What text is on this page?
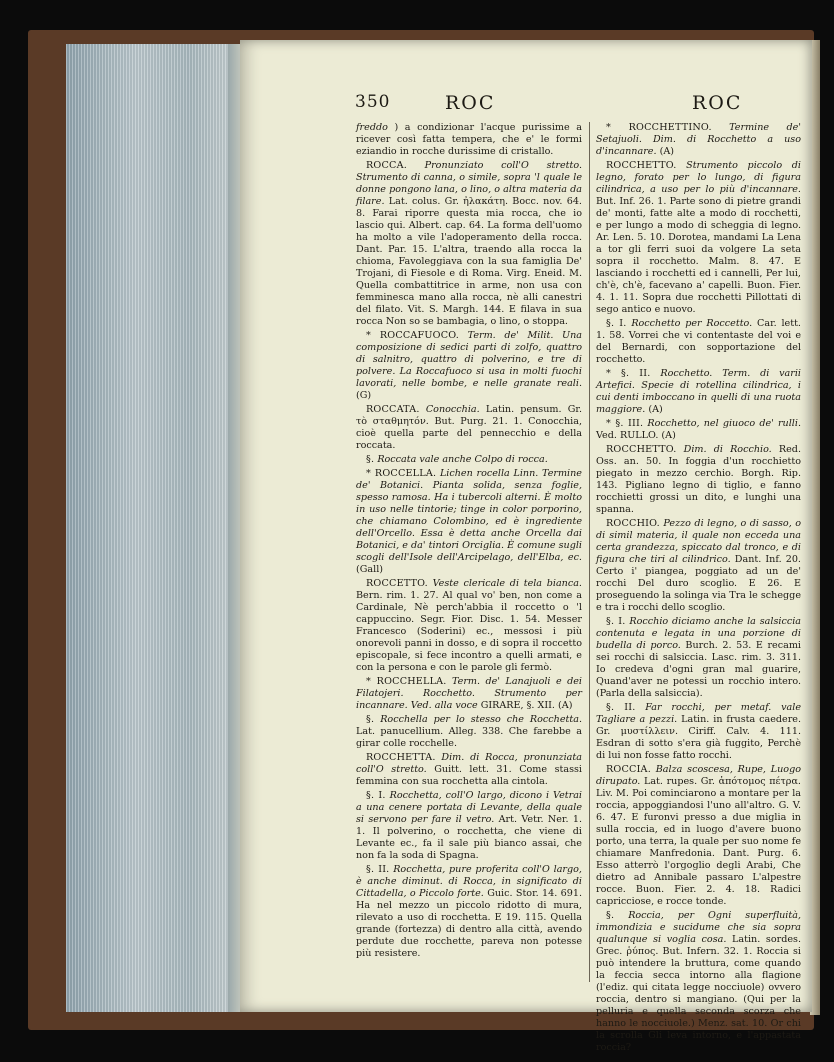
350	ROC	ROC

freddo ) a condizionar l'acque purissime a ricever così fatta tempera, che e' le formi eziandio in rocche durissime di cristallo.

ROCCA. Pronunziato coll'O stretto. Strumento di canna, o simile, sopra 'l quale le donne pongono lana, o lino, o altra materia da filare. Lat. colus. Gr. ἠλακάτη. Bocc. nov. 64. 8. Farai riporre questa mia rocca, che io lascio qui. Albert. cap. 64. La forma dell'uomo ha molto a vile l'adoperamento della rocca. Dant. Par. 15. L'altra, traendo alla rocca la chioma, Favoleggiava con la sua famiglia De' Trojani, di Fiesole e di Roma. Virg. Eneid. M. Quella combattitrice in arme, non usa con femminesca mano alla rocca, nè alli canestri del filato. Vit. S. Margh. 144. E filava in sua rocca Non so se bambagia, o lino, o stoppa.

* ROCCAFUOCO. Term. de' Milit. Una composizione di sedici parti di zolfo, quattro di salnitro, quattro di polverino, e tre di polvere. La Roccafuoco si usa in molti fuochi lavorati, nelle bombe, e nelle granate reali. (G)

ROCCATA. Conocchia. Latin. pensum. Gr. τὸ σταθμητόν. But. Purg. 21. 1. Conocchia, cioè quella parte del pennecchio e della roccata.

§. Roccata vale anche Colpo di rocca.

* ROCCELLA. Lichen rocella Linn. Termine de' Botanici. Pianta solida, senza foglie, spesso ramosa. Ha i tubercoli alterni. È molto in uso nelle tintorie; tinge in color porporino, che chiamano Colombino, ed è ingrediente dell'Orcello. Essa è detta anche Orcella dai Botanici, e da' tintori Orciglia. È comune sugli scogli dell'Isole dell'Arcipelago, dell'Elba, ec. (Gall)

ROCCETTO. Veste clericale di tela bianca. Bern. rim. 1. 27. Al qual vo' ben, non come a Cardinale, Nè perch'abbia il roccetto o 'l cappuccino. Segr. Fior. Disc. 1. 54. Messer Francesco (Soderini) ec., messosi i più onorevoli panni in dosso, e di sopra il roccetto episcopale, si fece incontro a quelli armati, e con la persona e con le parole gli fermò.

* ROCCHELLA. Term. de' Lanajuoli e dei Filatojeri. Rocchetto. Strumento per incannare. Ved. alla voce GIRARE, §. XII. (A)

§. Rocchella per lo stesso che Rocchetta. Lat. panucellium. Alleg. 338. Che farebbe a girar colle rocchelle.

ROCCHETTA. Dim. di Rocca, pronunziata coll'O stretto. Guitt. lett. 31. Come stassi femmina con sua rocchetta alla cintola.

§. I. Rocchetta, coll'O largo, dicono i Vetrai a una cenere portata di Levante, della quale si servono per fare il vetro. Art. Vetr. Ner. 1. 1. Il polverino, o rocchetta, che viene di Levante ec., fa il sale più bianco assai, che non fa la soda di Spagna.

§. II. Rocchetta, pure proferita coll'O largo, è anche diminut. di Rocca, in significato di Cittadella, o Piccolo forte. Guic. Stor. 14. 691. Ha nel mezzo un piccolo ridotto di mura, rilevato a uso di rocchetta. E 19. 115. Quella grande (fortezza) di dentro alla città, avendo perdute due rocchette, pareva non potesse più resistere.

* ROCCHETTINO. Termine de' Setajuoli. Dim. di Rocchetto a uso d'incannare. (A)

ROCCHETTO. Strumento piccolo di legno, forato per lo lungo, di figura cilindrica, a uso per lo più d'incannare. But. Inf. 26. 1. Parte sono di pietre grandi de' monti, fatte alte a modo di rocchetti, e per lungo a modo di scheggia di legno. Ar. Len. 5. 10. Dorotea, mandami La Lena a tor gli ferri suoi da volgere La seta sopra il rocchetto. Malm. 8. 47. E lasciando i rocchetti ed i cannelli, Per lui, ch'è, ch'è, facevano a' capelli. Buon. Fier. 4. 1. 11. Sopra due rocchetti Pillottati di sego antico e nuovo.

§. I. Rocchetto per Roccetto. Car. lett. 1. 58. Vorrei che vi contentaste del voi e del Bernardi, con sopportazione del rocchetto.

* §. II. Rocchetto. Term. di varii Artefici. Specie di rotellina cilindrica, i cui denti imboccano in quelli di una ruota maggiore. (A)

* §. III. Rocchetto, nel giuoco de' rulli. Ved. RULLO. (A)

ROCCHETTO. Dim. di Rocchio. Red. Oss. an. 50. In foggia d'un rocchietto piegato in mezzo cerchio. Borgh. Rip. 143. Pigliano legno di tiglio, e fanno rocchietti grossi un dito, e lunghi una spanna.

ROCCHIO. Pezzo di legno, o di sasso, o di simil materia, il quale non ecceda una certa grandezza, spiccato dal tronco, e di figura che tiri al cilindrico. Dant. Inf. 20. Certo i' piangea, poggiato ad un de' rocchi Del duro scoglio. E 26. E proseguendo la solinga via Tra le schegge e tra i rocchi dello scoglio.

§. I. Rocchio diciamo anche la salsiccia contenuta e legata in una porzione di budella di porco. Burch. 2. 53. E recami sei rocchi di salsiccia. Lasc. rim. 3. 311. Io credeva d'ogni gran mal guarire, Quand'aver ne potessi un rocchio intero. (Parla della salsiccia).

§. II. Far rocchi, per metaf. vale Tagliare a pezzi. Latin. in frusta caedere. Gr. μυστίλλειν. Ciriff. Calv. 4. 111. Esdran di sotto s'era già fuggito, Perchè di lui non fosse fatto rocchi.

ROCCIA. Balza scoscesa, Rupe, Luogo dirupato. Lat. rupes. Gr. ἀπότομος πέτρα. Liv. M. Poi cominciarono a montare per la roccia, appoggiandosi l'uno all'altro. G. V. 6. 47. E furonvi presso a due miglia in sulla roccia, ed in luogo d'avere buono porto, una terra, la quale per suo nome fe chiamare Manfredonia. Dant. Purg. 6. Esso atterrò l'orgoglio degli Arabi, Che dietro ad Annibale passaro L'alpestre rocce. Buon. Fier. 2. 4. 18. Radici capricciose, e rocce tonde.

§. Roccia, per Ogni superfluità, immondizia e sucidume che sia sopra qualunque si voglia cosa. Latin. sordes. Grec. ῥύπος. But. Infern. 32. 1. Roccia si può intendere la bruttura, come quando la feccia secca intorno alla flagione (l'ediz. qui citata legge nocciuole) ovvero roccia, dentro si mangiano. (Qui per la pelluria e quella seconda scorza che hanno le nocciuole.) Menz. sat. 10. Or chi la scrolla Gli leva intorno, e l'appastata roccia?
